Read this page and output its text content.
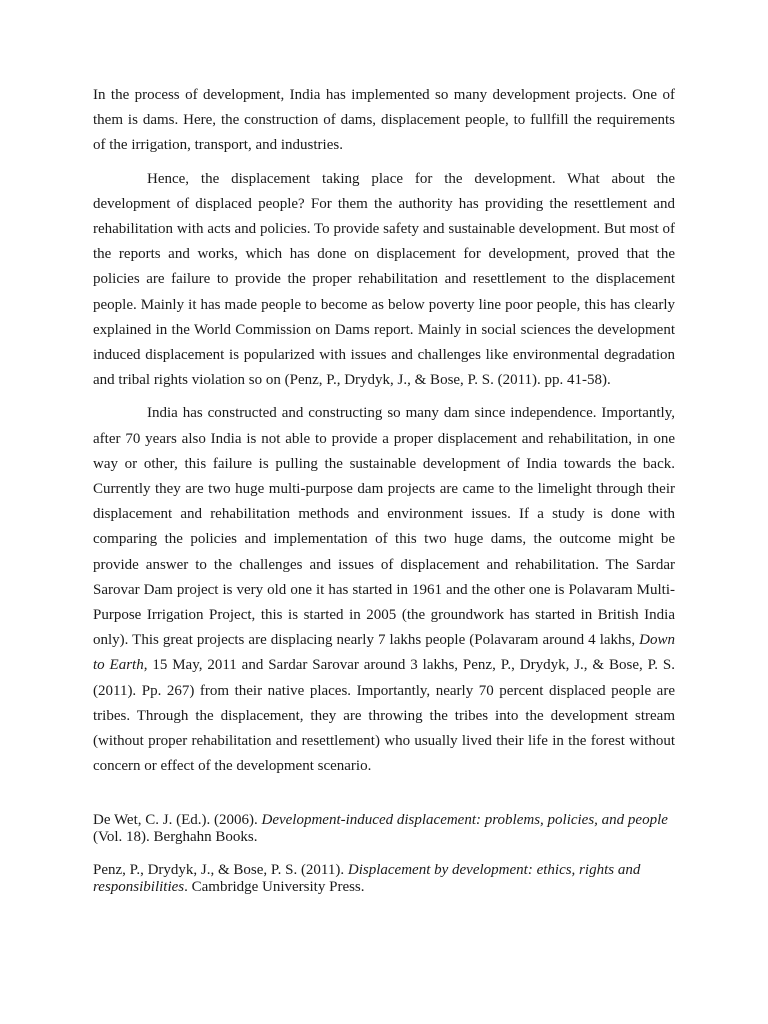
In the process of development, India has implemented so many development projects. One of them is dams. Here, the construction of dams, displacement people, to fullfill the requirements of the irrigation, transport, and industries.

Hence, the displacement taking place for the development. What about the development of displaced people? For them the authority has providing the resettlement and rehabilitation with acts and policies. To provide safety and sustainable development. But most of the reports and works, which has done on displacement for development, proved that the policies are failure to provide the proper rehabilitation and resettlement to the displacement people. Mainly it has made people to become as below poverty line poor people, this has clearly explained in the World Commission on Dams report. Mainly in social sciences the development induced displacement is popularized with issues and challenges like environmental degradation and tribal rights violation so on (Penz, P., Drydyk, J., & Bose, P. S. (2011). pp. 41-58).

India has constructed and constructing so many dam since independence. Importantly, after 70 years also India is not able to provide a proper displacement and rehabilitation, in one way or other, this failure is pulling the sustainable development of India towards the back. Currently they are two huge multi-purpose dam projects are came to the limelight through their displacement and rehabilitation methods and environment issues. If a study is done with comparing the policies and implementation of this two huge dams, the outcome might be provide answer to the challenges and issues of displacement and rehabilitation. The Sardar Sarovar Dam project is very old one it has started in 1961 and the other one is Polavaram Multi-Purpose Irrigation Project, this is started in 2005 (the groundwork has started in British India only). This great projects are displacing nearly 7 lakhs people (Polavaram around 4 lakhs, Down to Earth, 15 May, 2011 and Sardar Sarovar around 3 lakhs, Penz, P., Drydyk, J., & Bose, P. S. (2011). Pp. 267) from their native places. Importantly, nearly 70 percent displaced people are tribes. Through the displacement, they are throwing the tribes into the development stream (without proper rehabilitation and resettlement) who usually lived their life in the forest without concern or effect of the development scenario.

De Wet, C. J. (Ed.). (2006). Development-induced displacement: problems, policies, and people (Vol. 18). Berghahn Books.

Penz, P., Drydyk, J., & Bose, P. S. (2011). Displacement by development: ethics, rights and responsibilities. Cambridge University Press.
